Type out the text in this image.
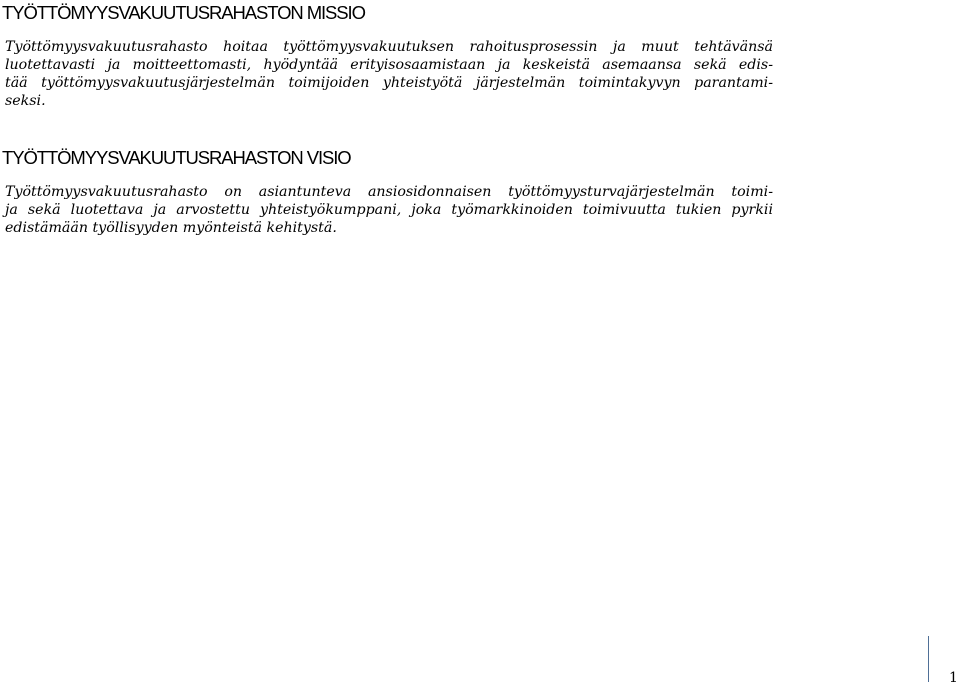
TYÖTTÖMYYSVAKUUTUSRAHASTON MISSIO
Työttömyysvakuutusrahasto hoitaa työttömyysvakuutuksen rahoitusprosessin ja muut tehtävänsä
luotettavasti ja moitteettomasti, hyödyntää erityisosaamistaan ja keskeistä asemaansa sekä edis-
tää työttömyysvakuutusjärjestelmän toimijoiden yhteistyötä järjestelmän toimintakyvyn parantami-
seksi.
TYÖTTÖMYYSVAKUUTUSRAHASTON VISIO
Työttömyysvakuutusrahasto on asiantunteva ansiosidonnaisen työttömyysturvajärjestelmän toimi-
ja sekä luotettava ja arvostettu yhteistyökumppani, joka työmarkkinoiden toimivuutta tukien pyrkii
edistämään työllisyyden myönteistä kehitystä.
1
